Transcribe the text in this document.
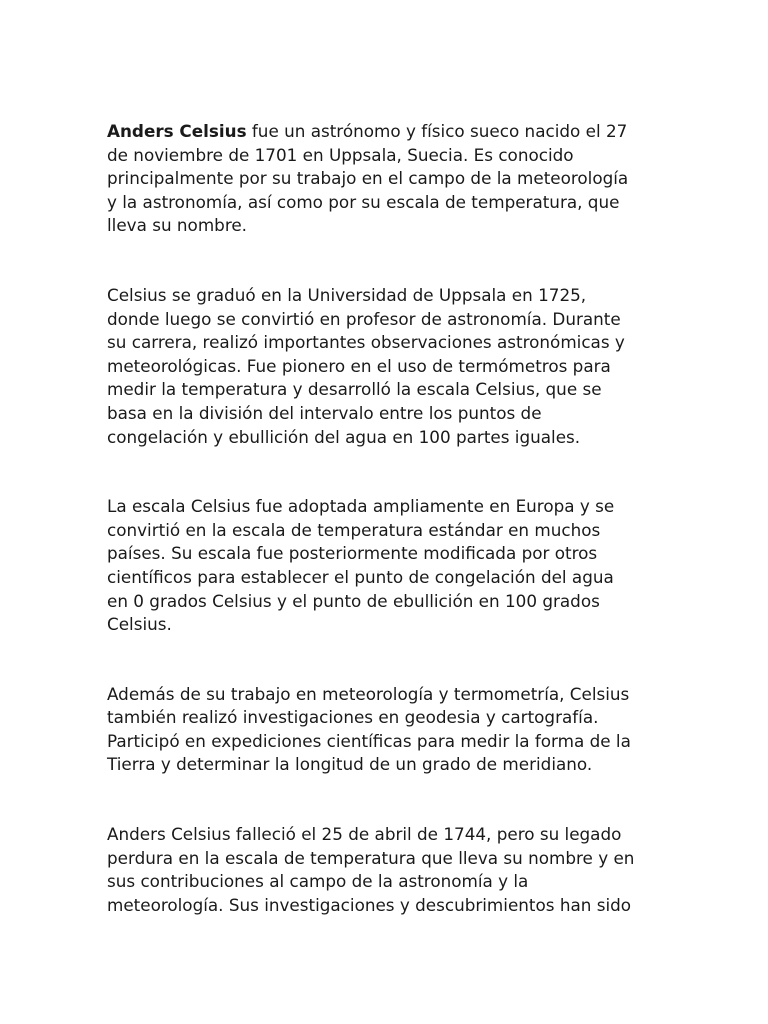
Anders Celsius fue un astrónomo y físico sueco nacido el 27
de noviembre de 1701 en Uppsala, Suecia. Es conocido
principalmente por su trabajo en el campo de la meteorología
y la astronomía, así como por su escala de temperatura, que
lleva su nombre.

Celsius se graduó en la Universidad de Uppsala en 1725,
donde luego se convirtió en profesor de astronomía. Durante
su carrera, realizó importantes observaciones astronómicas y
meteorológicas. Fue pionero en el uso de termómetros para
medir la temperatura y desarrolló la escala Celsius, que se
basa en la división del intervalo entre los puntos de
congelación y ebullición del agua en 100 partes iguales.

La escala Celsius fue adoptada ampliamente en Europa y se
convirtió en la escala de temperatura estándar en muchos
países. Su escala fue posteriormente modificada por otros
científicos para establecer el punto de congelación del agua
en 0 grados Celsius y el punto de ebullición en 100 grados
Celsius.

Además de su trabajo en meteorología y termometría, Celsius
también realizó investigaciones en geodesia y cartografía.
Participó en expediciones científicas para medir la forma de la
Tierra y determinar la longitud de un grado de meridiano.

Anders Celsius falleció el 25 de abril de 1744, pero su legado
perdura en la escala de temperatura que lleva su nombre y en
sus contribuciones al campo de la astronomía y la
meteorología. Sus investigaciones y descubrimientos han sido
